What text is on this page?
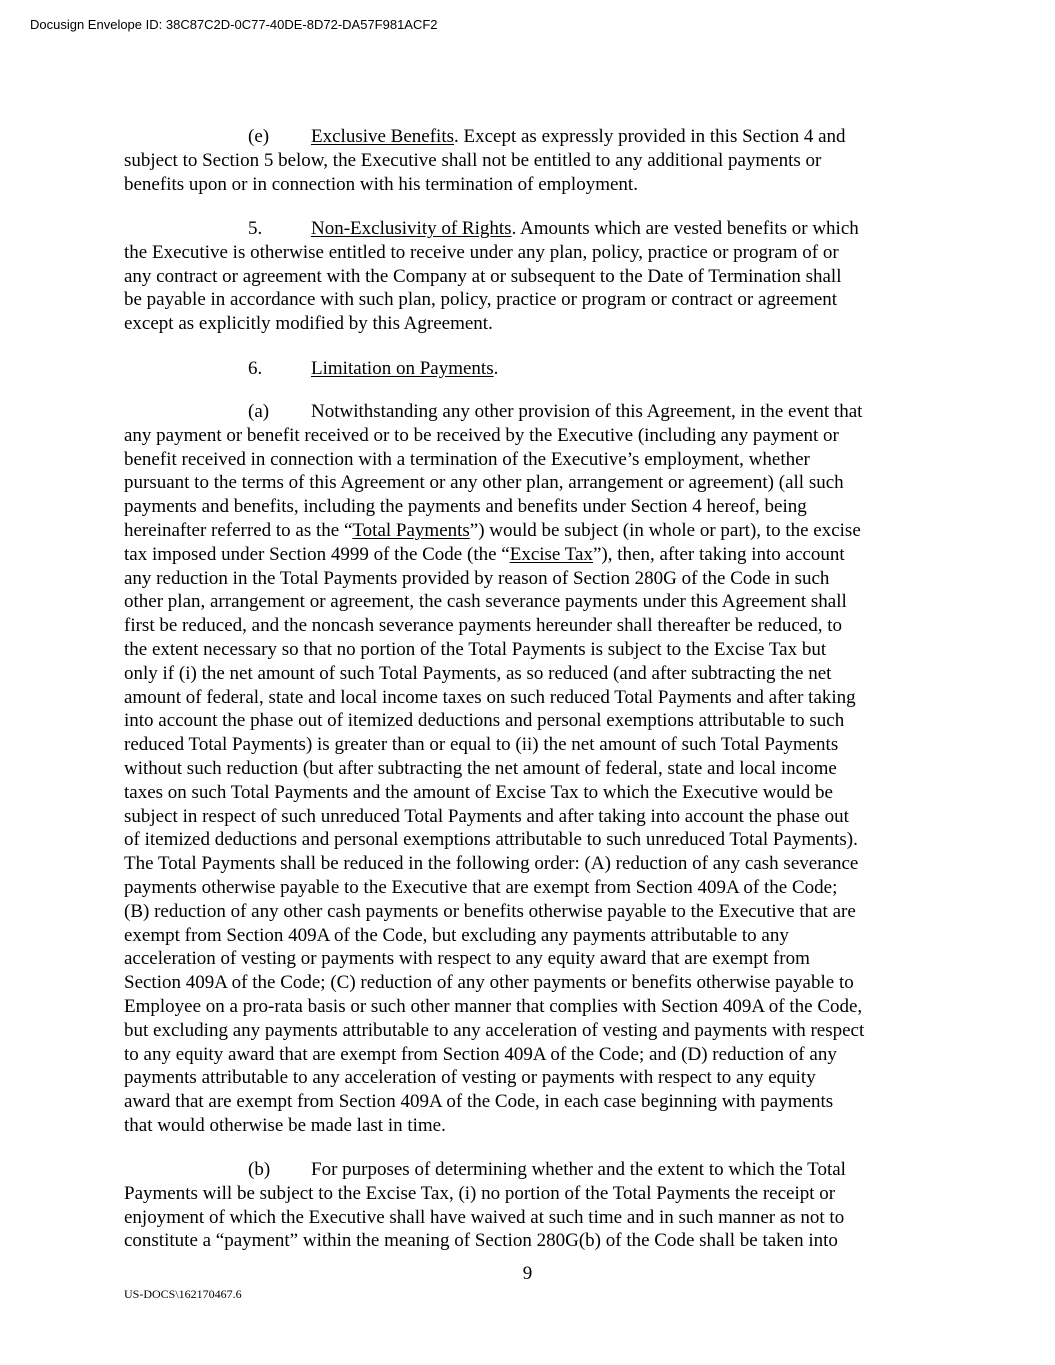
Docusign Envelope ID: 38C87C2D-0C77-40DE-8D72-DA57F981ACF2
(e) Exclusive Benefits. Except as expressly provided in this Section 4 and
subject to Section 5 below, the Executive shall not be entitled to any additional payments or
benefits upon or in connection with his termination of employment.
5.	Non-Exclusivity of Rights. Amounts which are vested benefits or which
the Executive is otherwise entitled to receive under any plan, policy, practice or program of or
any contract or agreement with the Company at or subsequent to the Date of Termination shall
be payable in accordance with such plan, policy, practice or program or contract or agreement
except as explicitly modified by this Agreement.
6.	Limitation on Payments.
(a) Notwithstanding any other provision of this Agreement, in the event that
any payment or benefit received or to be received by the Executive (including any payment or
benefit received in connection with a termination of the Executive’s employment, whether
pursuant to the terms of this Agreement or any other plan, arrangement or agreement) (all such
payments and benefits, including the payments and benefits under Section 4 hereof, being
hereinafter referred to as the “Total Payments”) would be subject (in whole or part), to the excise
tax imposed under Section 4999 of the Code (the “Excise Tax”), then, after taking into account
any reduction in the Total Payments provided by reason of Section 280G of the Code in such
other plan, arrangement or agreement, the cash severance payments under this Agreement shall
first be reduced, and the noncash severance payments hereunder shall thereafter be reduced, to
the extent necessary so that no portion of the Total Payments is subject to the Excise Tax but
only if (i) the net amount of such Total Payments, as so reduced (and after subtracting the net
amount of federal, state and local income taxes on such reduced Total Payments and after taking
into account the phase out of itemized deductions and personal exemptions attributable to such
reduced Total Payments) is greater than or equal to (ii) the net amount of such Total Payments
without such reduction (but after subtracting the net amount of federal, state and local income
taxes on such Total Payments and the amount of Excise Tax to which the Executive would be
subject in respect of such unreduced Total Payments and after taking into account the phase out
of itemized deductions and personal exemptions attributable to such unreduced Total Payments).
The Total Payments shall be reduced in the following order: (A) reduction of any cash severance
payments otherwise payable to the Executive that are exempt from Section 409A of the Code;
(B) reduction of any other cash payments or benefits otherwise payable to the Executive that are
exempt from Section 409A of the Code, but excluding any payments attributable to any
acceleration of vesting or payments with respect to any equity award that are exempt from
Section 409A of the Code; (C) reduction of any other payments or benefits otherwise payable to
Employee on a pro-rata basis or such other manner that complies with Section 409A of the Code,
but excluding any payments attributable to any acceleration of vesting and payments with respect
to any equity award that are exempt from Section 409A of the Code; and (D) reduction of any
payments attributable to any acceleration of vesting or payments with respect to any equity
award that are exempt from Section 409A of the Code, in each case beginning with payments
that would otherwise be made last in time.
(b) For purposes of determining whether and the extent to which the Total
Payments will be subject to the Excise Tax, (i) no portion of the Total Payments the receipt or
enjoyment of which the Executive shall have waived at such time and in such manner as not to
constitute a “payment” within the meaning of Section 280G(b) of the Code shall be taken into
9
US-DOCS\162170467.6
